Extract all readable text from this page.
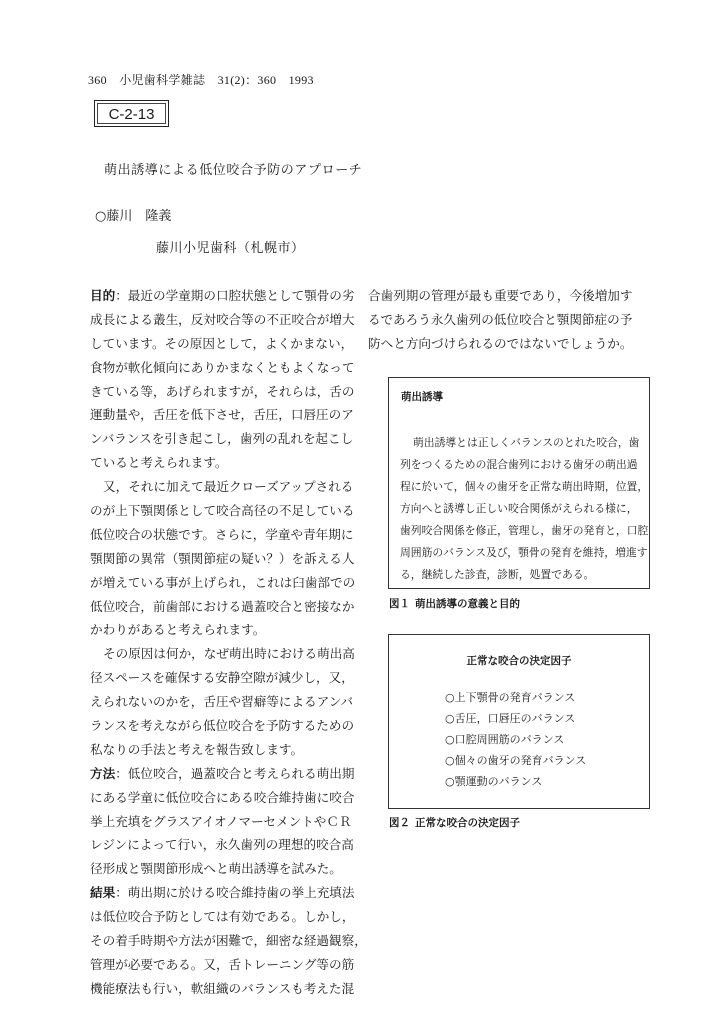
360　小児歯科学雑誌　31(2)：360　1993
C-2-13
萌出誘導による低位咬合予防のアプローチ
○藤川　隆義
藤川小児歯科（札幌市）
目的：最近の学童期の口腔状態として顎骨の劣
成長による叢生，反対咬合等の不正咬合が増大
しています。その原因として，よくかまない，
食物が軟化傾向にありかまなくともよくなって
きている等，あげられますが，それらは，舌の
運動量や，舌圧を低下させ，舌圧，口唇圧のア
ンバランスを引き起こし，歯列の乱れを起こし
ていると考えられます。
又，それに加えて最近クローズアップされる
のが上下顎関係として咬合高径の不足している
低位咬合の状態です。さらに，学童や青年期に
顎関節の異常（顎関節症の疑い？）を訴える人
が増えている事が上げられ，これは臼歯部での
低位咬合，前歯部における過蓋咬合と密接なか
かわりがあると考えられます。
その原因は何か，なぜ萌出時における萌出高
径スペースを確保する安静空隙が減少し，又，
えられないのかを，舌圧や習癖等によるアンバ
ランスを考えながら低位咬合を予防するための
私なりの手法と考えを報告致します。
方法：低位咬合，過蓋咬合と考えられる萌出期
にある学童に低位咬合にある咬合維持歯に咬合
挙上充填をグラスアイオノマーセメントやＣＲ
レジンによって行い，永久歯列の理想的咬合高
径形成と顎関節形成へと萌出誘導を試みた。
結果：萌出期に於ける咬合維持歯の挙上充填法
は低位咬合予防としては有効である。しかし，
その着手時期や方法が困難で，細密な経過観察，
管理が必要である。又，舌トレーニング等の筋
機能療法も行い，軟組織のバランスも考えた混
合歯列期の管理が最も重要であり，今後増加す
るであろう永久歯列の低位咬合と顎関節症の予
防へと方向づけられるのではないでしょうか。
萌出誘導
萌出誘導とは正しくバランスのとれた咬合，歯
列をつくるための混合歯列における歯牙の萌出過
程に於いて，個々の歯牙を正常な萌出時期，位置，
方向へと誘導し正しい咬合関係がえられる様に，
歯列咬合関係を修正，管理し，歯牙の発育と，口腔
周囲筋のバランス及び，顎骨の発育を維持，増進す
る，継続した診査，診断，処置である。
図１ 萌出誘導の意義と目的
正常な咬合の決定因子
○上下顎骨の発育バランス
○舌圧，口唇圧のバランス
○口腔周囲筋のバランス
○個々の歯牙の発育バランス
○顎運動のバランス
図２ 正常な咬合の決定因子
